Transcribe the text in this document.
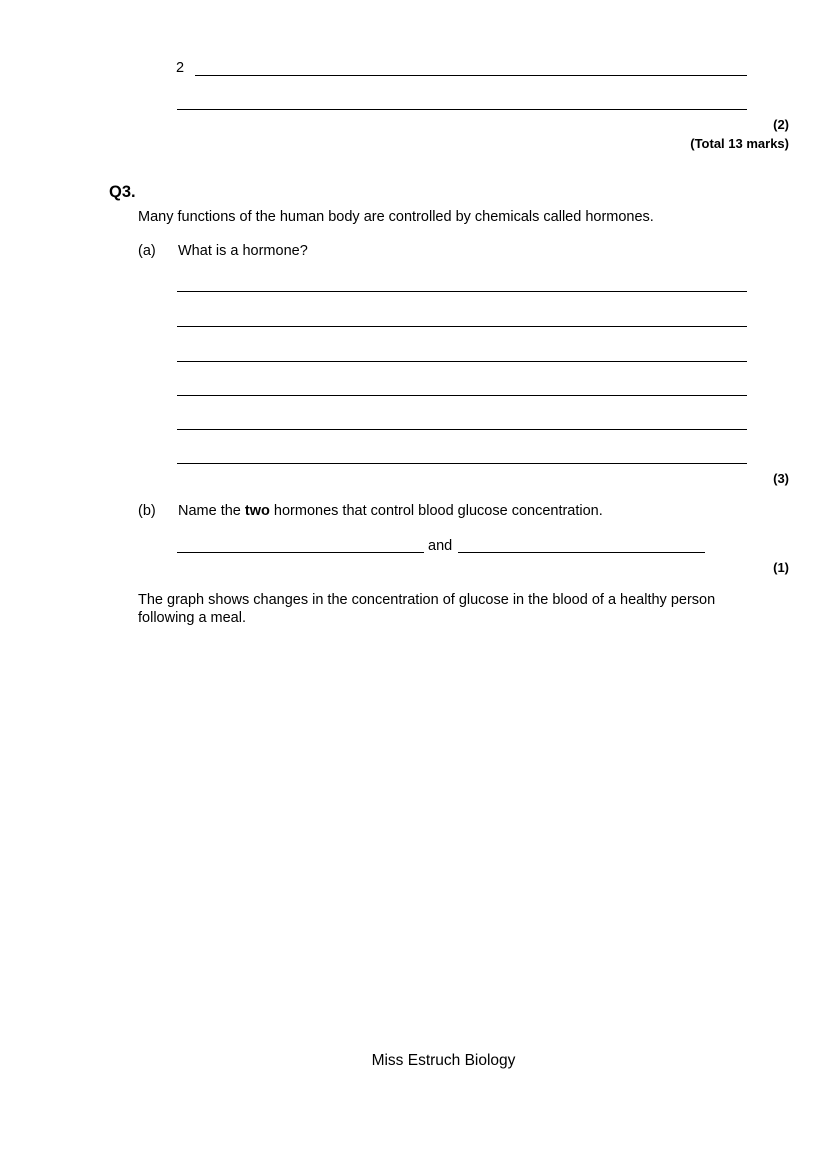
2
(2)
(Total 13 marks)
Q3.
Many functions of the human body are controlled by chemicals called hormones.
(a) What is a hormone?
(3)
(b) Name the two hormones that control blood glucose concentration.
and
(1)
The graph shows changes in the concentration of glucose in the blood of a healthy person
following a meal.
Miss Estruch Biology
